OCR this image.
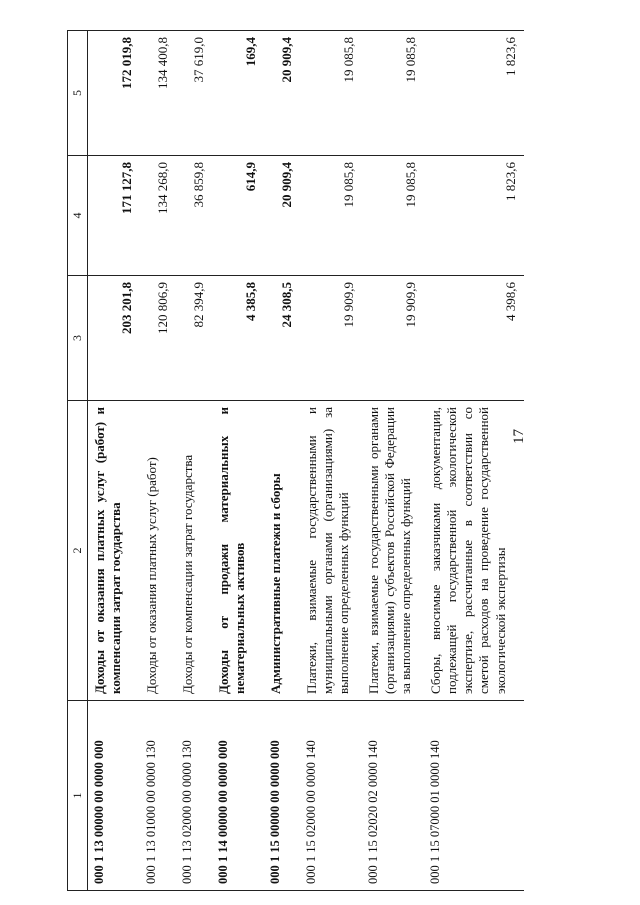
17
1	2	3	4	5
000 1 13 00000 00 0000 000	Доходы от оказания платных услуг (работ) и компенсации затрат государства	203 201,8	171 127,8	172 019,8
000 1 13 01000 00 0000 130	Доходы от оказания платных услуг (работ)	120 806,9	134 268,0	134 400,8
000 1 13 02000 00 0000 130	Доходы от компенсации затрат государства	82 394,9	36 859,8	37 619,0
000 1 14 00000 00 0000 000	Доходы от продажи материальных и нематериальных активов	4 385,8	614,9	169,4
000 1 15 00000 00 0000 000	Административные платежи и сборы	24 308,5	20 909,4	20 909,4
000 1 15 02000 00 0000 140	Платежи, взимаемые государственными и муниципальными органами (организациями) за выполнение определенных функций	19 909,9	19 085,8	19 085,8
000 1 15 02020 02 0000 140	Платежи, взимаемые государственными органами (организациями) субъектов Российской Федерации за выполнение определенных функций	19 909,9	19 085,8	19 085,8
000 1 15 07000 01 0000 140	Сборы, вносимые заказчиками документации, подлежащей государственной экологической экспертизе, рассчитанные в соответствии со сметой расходов на проведение государственной экологической экспертизы	4 398,6	1 823,6	1 823,6
